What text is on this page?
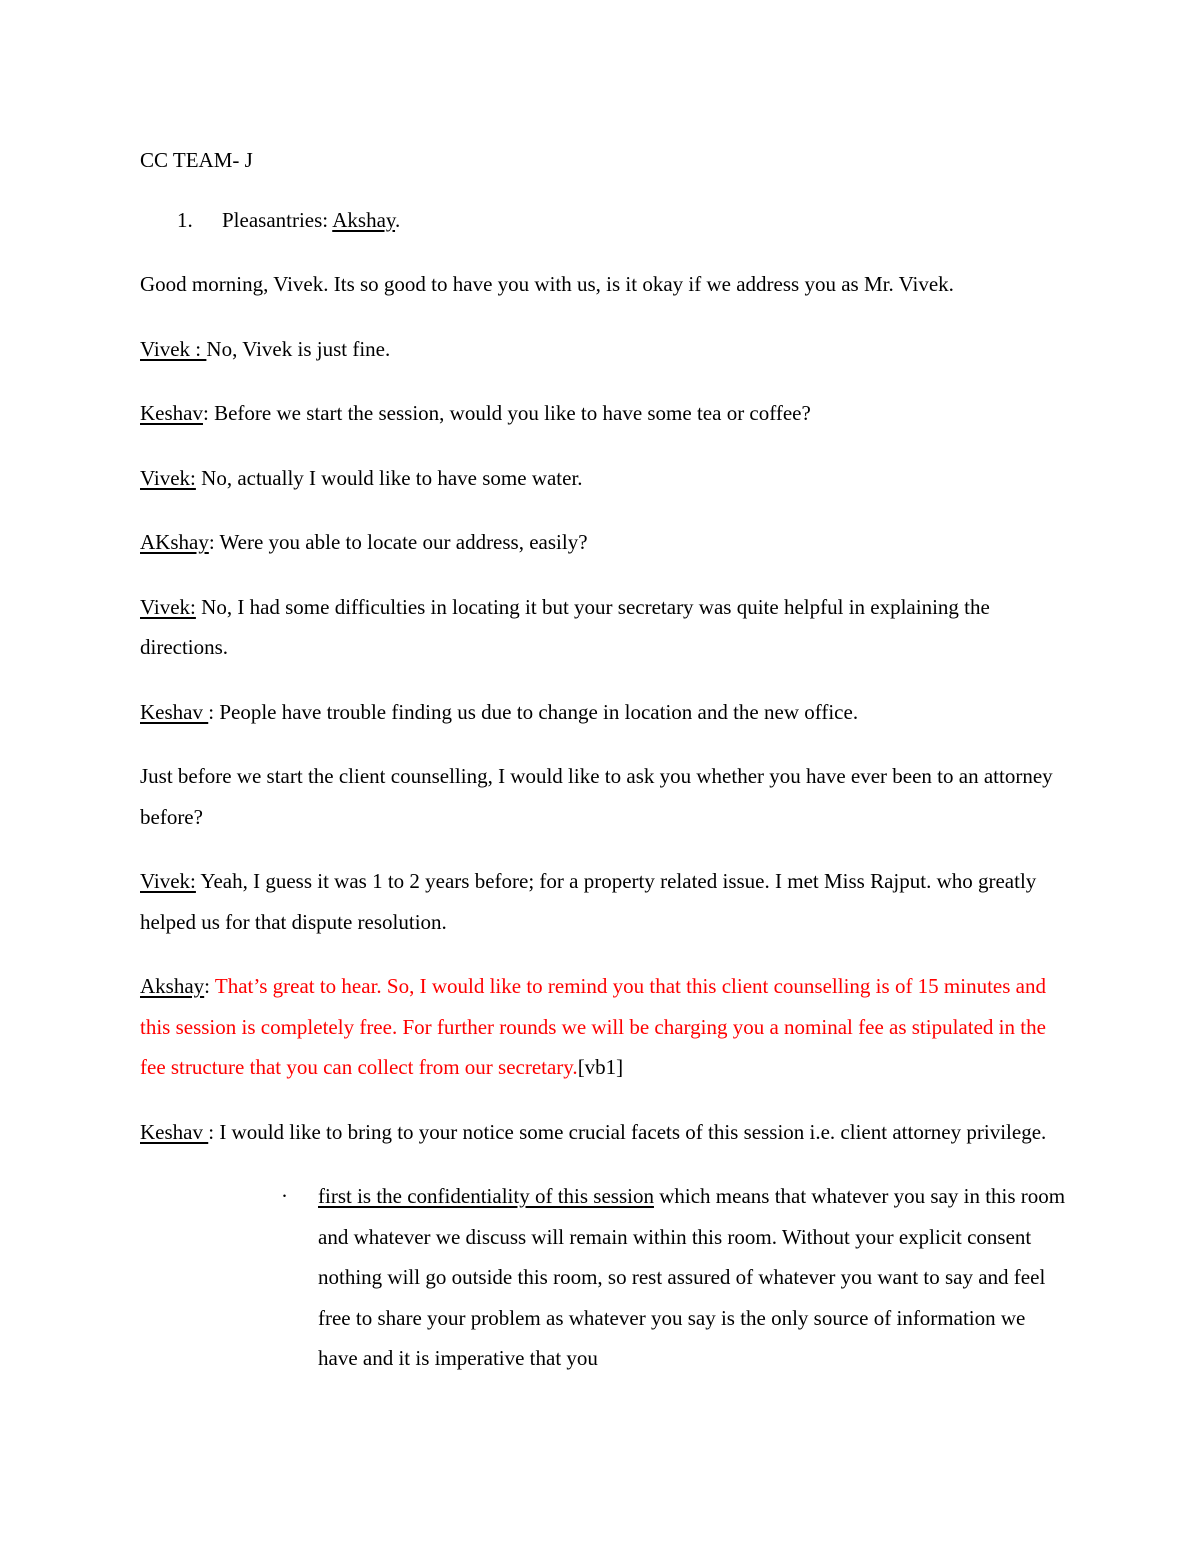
CC TEAM- J

1.	Pleasantries: Akshay.

Good morning, Vivek. Its so good to have you with us, is it okay if we address you as Mr. Vivek.

Vivek : No, Vivek is just fine.

Keshav: Before we start the session, would you like to have some tea or coffee?

Vivek: No, actually I would like to have some water.

AKshay: Were you able to locate our address, easily?

Vivek: No, I had some difficulties in locating it but your secretary was quite helpful in explaining the directions.

Keshav : People have trouble finding us due to change in location and the new office.

Just before we start the client counselling, I would like to ask you whether you have ever been to an attorney before?

Vivek: Yeah, I guess it was 1 to 2 years before; for a property related issue. I met Miss Rajput. who greatly helped us for that dispute resolution.

Akshay: That’s great to hear. So, I would like to remind you that this client counselling is of 15 minutes and this session is completely free. For further rounds we will be charging you a nominal fee as stipulated in the fee structure that you can collect from our secretary.[vb1]

Keshav : I would like to bring to your notice some crucial facets of this session i.e. client attorney privilege.

·	first is the confidentiality of this session which means that whatever you say in this room and whatever we discuss will remain within this room. Without your explicit consent nothing will go outside this room, so rest assured of whatever you want to say and feel free to share your problem as whatever you say is the only source of information we have and it is imperative that you
